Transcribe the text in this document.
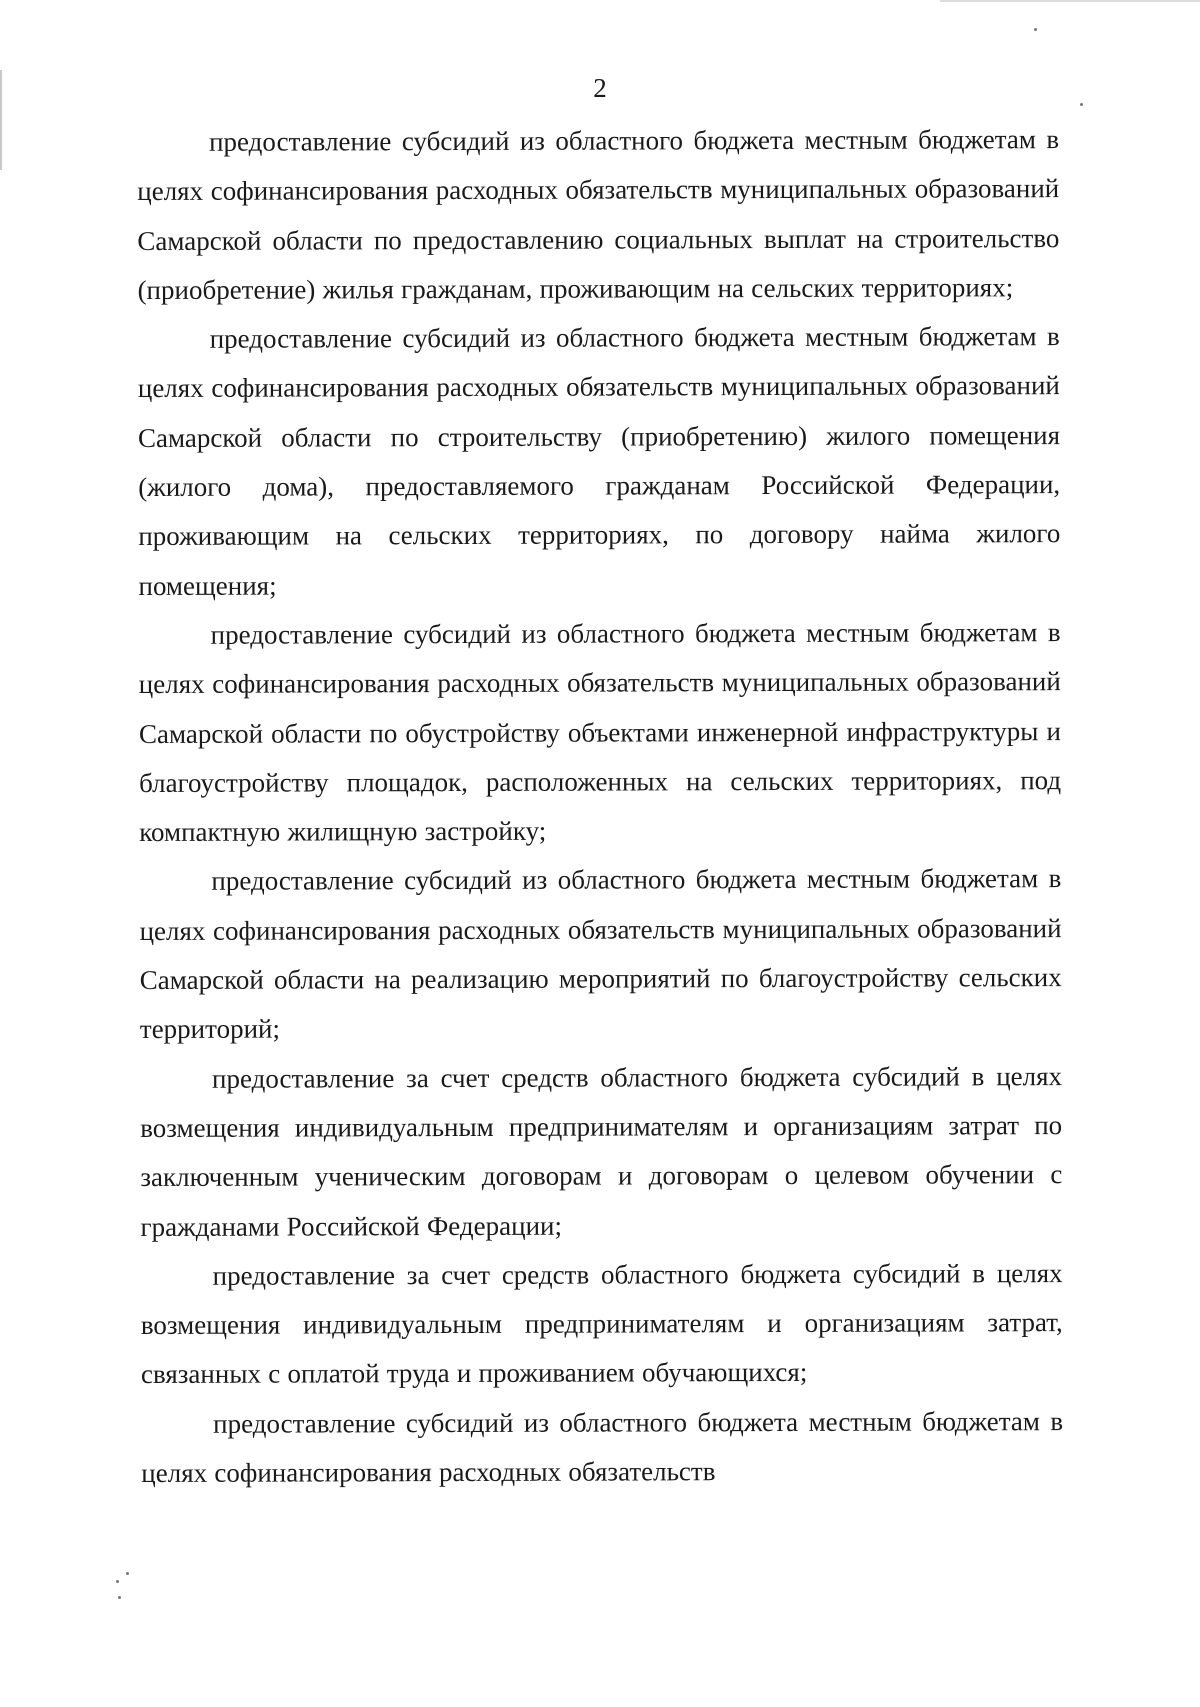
2

предоставление субсидий из областного бюджета местным бюджетам в целях софинансирования расходных обязательств муниципальных образований Самарской области по предоставлению социальных выплат на строительство (приобретение) жилья гражданам, проживающим на сельских территориях;

предоставление субсидий из областного бюджета местным бюджетам в целях софинансирования расходных обязательств муниципальных образований Самарской области по строительству (приобретению) жилого помещения (жилого дома), предоставляемого гражданам Российской Федерации, проживающим на сельских территориях, по договору найма жилого помещения;

предоставление субсидий из областного бюджета местным бюджетам в целях софинансирования расходных обязательств муниципальных образований Самарской области по обустройству объектами инженерной инфраструктуры и благоустройству площадок, расположенных на сельских территориях, под компактную жилищную застройку;

предоставление субсидий из областного бюджета местным бюджетам в целях софинансирования расходных обязательств муниципальных образований Самарской области на реализацию мероприятий по благоустройству сельских территорий;

предоставление за счет средств областного бюджета субсидий в целях возмещения индивидуальным предпринимателям и организациям затрат по заключенным ученическим договорам и договорам о целевом обучении с гражданами Российской Федерации;

предоставление за счет средств областного бюджета субсидий в целях возмещения индивидуальным предпринимателям и организациям затрат, связанных с оплатой труда и проживанием обучающихся;

предоставление субсидий из областного бюджета местным бюджетам в целях софинансирования расходных обязательств
